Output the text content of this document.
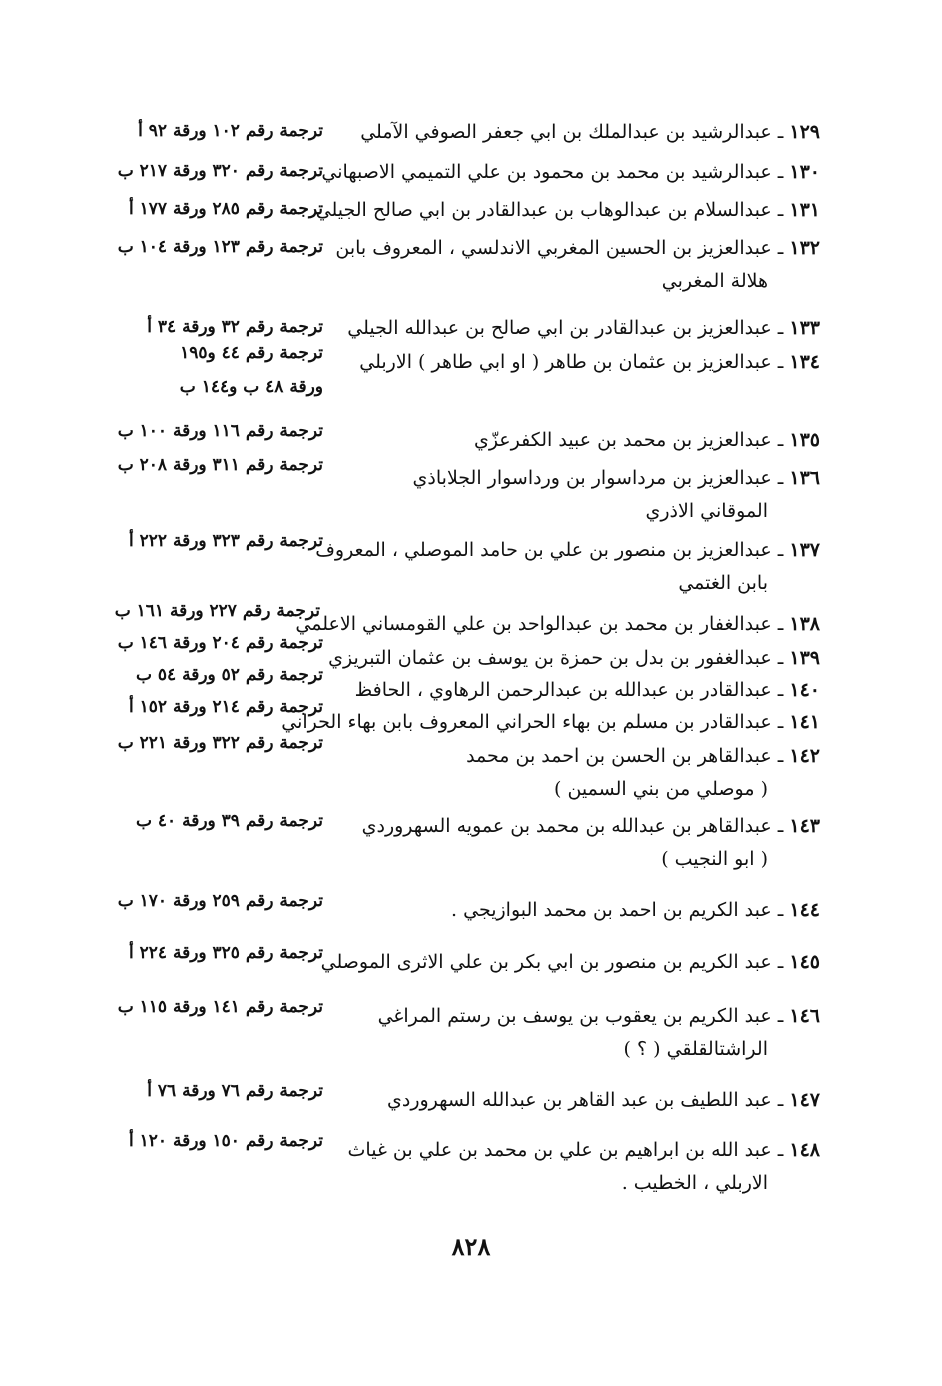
١٢٩ ـ عبدالرشيد بن عبدالملك بن ابي جعفر الصوفي الآملي
ترجمة رقم ١٠٢ ورقة ٩٢ أ
١٣٠ ـ عبدالرشيد بن محمد بن محمود بن علي التميمي الاصبهاني
ترجمة رقم ٣٢٠ ورقة ٢١٧ ب
١٣١ ـ عبدالسلام بن عبدالوهاب بن عبدالقادر بن ابي صالح الجيلي
ترجمة رقم ٢٨٥ ورقة ١٧٧ أ
١٣٢ ـ عبدالعزيز بن الحسين المغربي الاندلسي ، المعروف بابن
هلالة المغربي
ترجمة رقم ١٢٣ ورقة ١٠٤ ب
١٣٣ ـ عبدالعزيز بن عبدالقادر بن ابي صالح بن عبدالله الجيلي
ترجمة رقم ٣٢ ورقة ٣٤ أ
١٣٤ ـ عبدالعزيز بن عثمان بن طاهر ( او ابي طاهر ) الاربلي
ترجمة رقم ٤٤ و١٩٥
ورقة ٤٨ ب و١٤٤ ب
١٣٥ ـ عبدالعزيز بن محمد بن عبيد الكفرعزّي
ترجمة رقم ١١٦ ورقة ١٠٠ ب
١٣٦ ـ عبدالعزيز بن مرداسوار بن ورداسوار الجلاباذي
الموقاني الاذري
ترجمة رقم ٣١١ ورقة ٢٠٨ ب
١٣٧ ـ عبدالعزيز بن منصور بن علي بن حامد الموصلي ، المعروف
بابن الغتمي
ترجمة رقم ٣٢٣ ورقة ٢٢٢ أ
١٣٨ ـ عبدالغفار بن محمد بن عبدالواحد بن علي القومساني الاعلمي
ترجمة رقم ٢٢٧ ورقة ١٦١ ب
١٣٩ ـ عبدالغفور بن بدل بن حمزة بن يوسف بن عثمان التبريزي
ترجمة رقم ٢٠٤ ورقة ١٤٦ ب
١٤٠ ـ عبدالقادر بن عبدالله بن عبدالرحمن الرهاوي ، الحافظ
ترجمة رقم ٥٢ ورقة ٥٤ ب
١٤١ ـ عبدالقادر بن مسلم بن بهاء الحراني المعروف بابن بهاء الحراني
ترجمة رقم ٢١٤ ورقة ١٥٢ أ
١٤٢ ـ عبدالقاهر بن الحسن بن احمد بن محمد
( موصلي من بني السمين )
ترجمة رقم ٣٢٢ ورقة ٢٢١ ب
١٤٣ ـ عبدالقاهر بن عبدالله بن محمد بن عمويه السهروردي
( ابو النجيب )
ترجمة رقم ٣٩ ورقة ٤٠ ب
١٤٤ ـ عبد الكريم بن احمد بن محمد البوازيجي .
ترجمة رقم ٢٥٩ ورقة ١٧٠ ب
١٤٥ ـ عبد الكريم بن منصور بن ابي بكر بن علي الاثرى الموصلي
ترجمة رقم ٣٢٥ ورقة ٢٢٤ أ
١٤٦ ـ عبد الكريم بن يعقوب بن يوسف بن رستم المراغي
الراشتالقلقي ( ؟ )
ترجمة رقم ١٤١ ورقة ١١٥ ب
١٤٧ ـ عبد اللطيف بن عبد القاهر بن عبدالله السهروردي
ترجمة رقم ٧٦ ورقة ٧٦ أ
١٤٨ ـ عبد الله بن ابراهيم بن علي بن محمد بن علي بن غياث
الاربلي ، الخطيب .
ترجمة رقم ١٥٠ ورقة ١٢٠ أ
٨٢٨
